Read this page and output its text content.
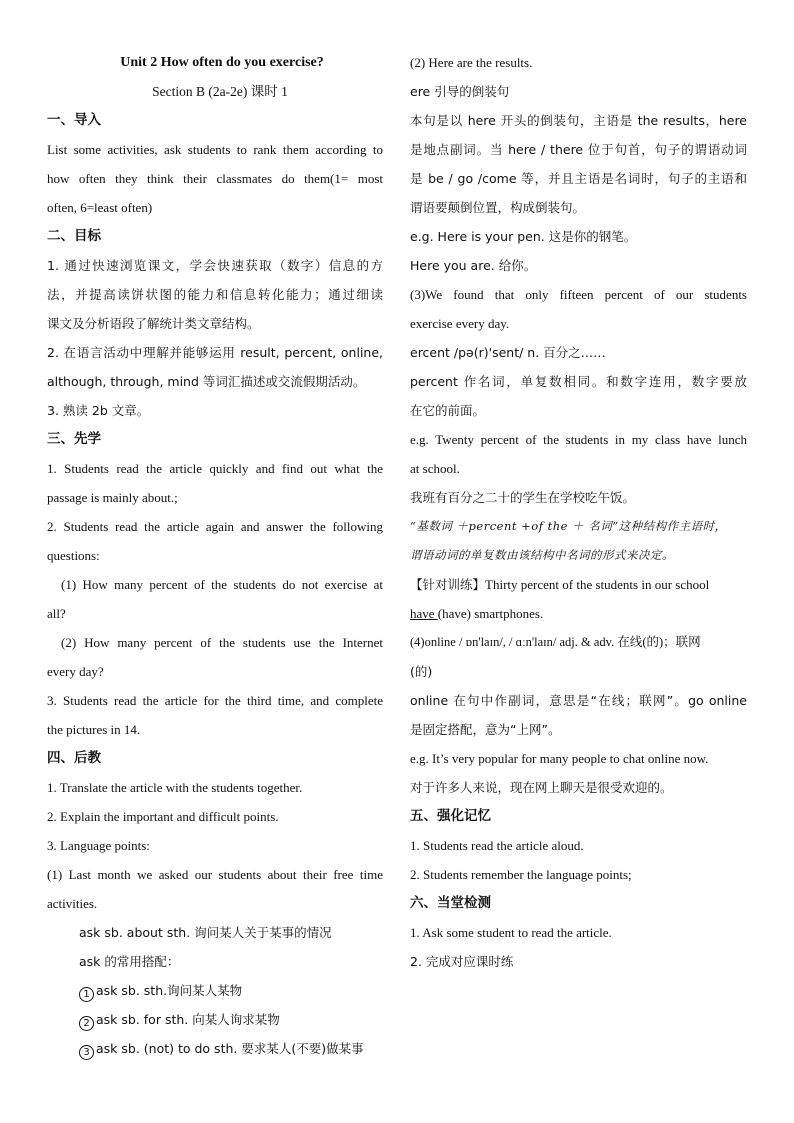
Unit 2 How often do you exercise?
Section B (2a-2e) 课时 1
一、导入
List some activities, ask students to rank them according to
how often they think their classmates do them(1= most
often, 6=least often)
二、目标
1. 通过快速浏览课文，学会快速获取（数字）信息的方
法，并提高读饼状图的能力和信息转化能力；通过细读
课文及分析语段了解统计类文章结构。
2. 在语言活动中理解并能够运用 result, percent, online,
although, through, mind 等词汇描述或交流假期活动。
3. 熟读 2b 文章。
三、先学
1. Students read the article quickly and find out what the
passage is mainly about.;
2. Students read the article again and answer the following
questions:
(1) How many percent of the students do not exercise at
all?
(2) How many percent of the students use the Internet
every day?
3. Students read the article for the third time, and complete
the pictures in 14.
四、后教
1. Translate the article with the students together.
2. Explain the important and difficult points.
3. Language points:
(1) Last month we asked our students about their free time
activities.
ask sb. about sth. 询问某人关于某事的情况
ask 的常用搭配：
1 ask sb. sth.询问某人某物
2 ask sb. for sth. 向某人询求某物
3 ask sb. (not) to do sth. 要求某人(不要)做某事
(2) Here are the results.
ere 引导的倒装句
本句是以 here 开头的倒装句，主语是 the results，here
是地点副词。当 here / there 位于句首，句子的谓语动词
是 be / go /come 等，并且主语是名词时，句子的主语和
谓语要颠倒位置，构成倒装句。
e.g. Here is your pen. 这是你的钢笔。
Here you are. 给你。
(3)We found that only fifteen percent of our students
exercise every day.
ercent /pə(r)'sent/ n. 百分之……
percent 作名词，单复数相同。和数字连用，数字要放
在它的前面。
e.g. Twenty percent of the students in my class have lunch
at school.
我班有百分之二十的学生在学校吃午饭。
“基数词 ＋percent +of the ＋ 名词”这种结构作主语时，
谓语动词的单复数由该结构中名词的形式来决定。
【针对训练】Thirty percent of the students in our school
have (have) smartphones.
(4)online / ɒn'laɪn/, / ɑːn'laɪn/ adj. & adv. 在线(的)；联网
(的)
online 在句中作副词，意思是“在线；联网”。go online
是固定搭配，意为“上网”。
e.g. It’s very popular for many people to chat online now.
对于许多人来说，现在网上聊天是很受欢迎的。
五、强化记忆
1. Students read the article aloud.
2. Students remember the language points;
六、当堂检测
1. Ask some student to read the article.
2. 完成对应课时练
